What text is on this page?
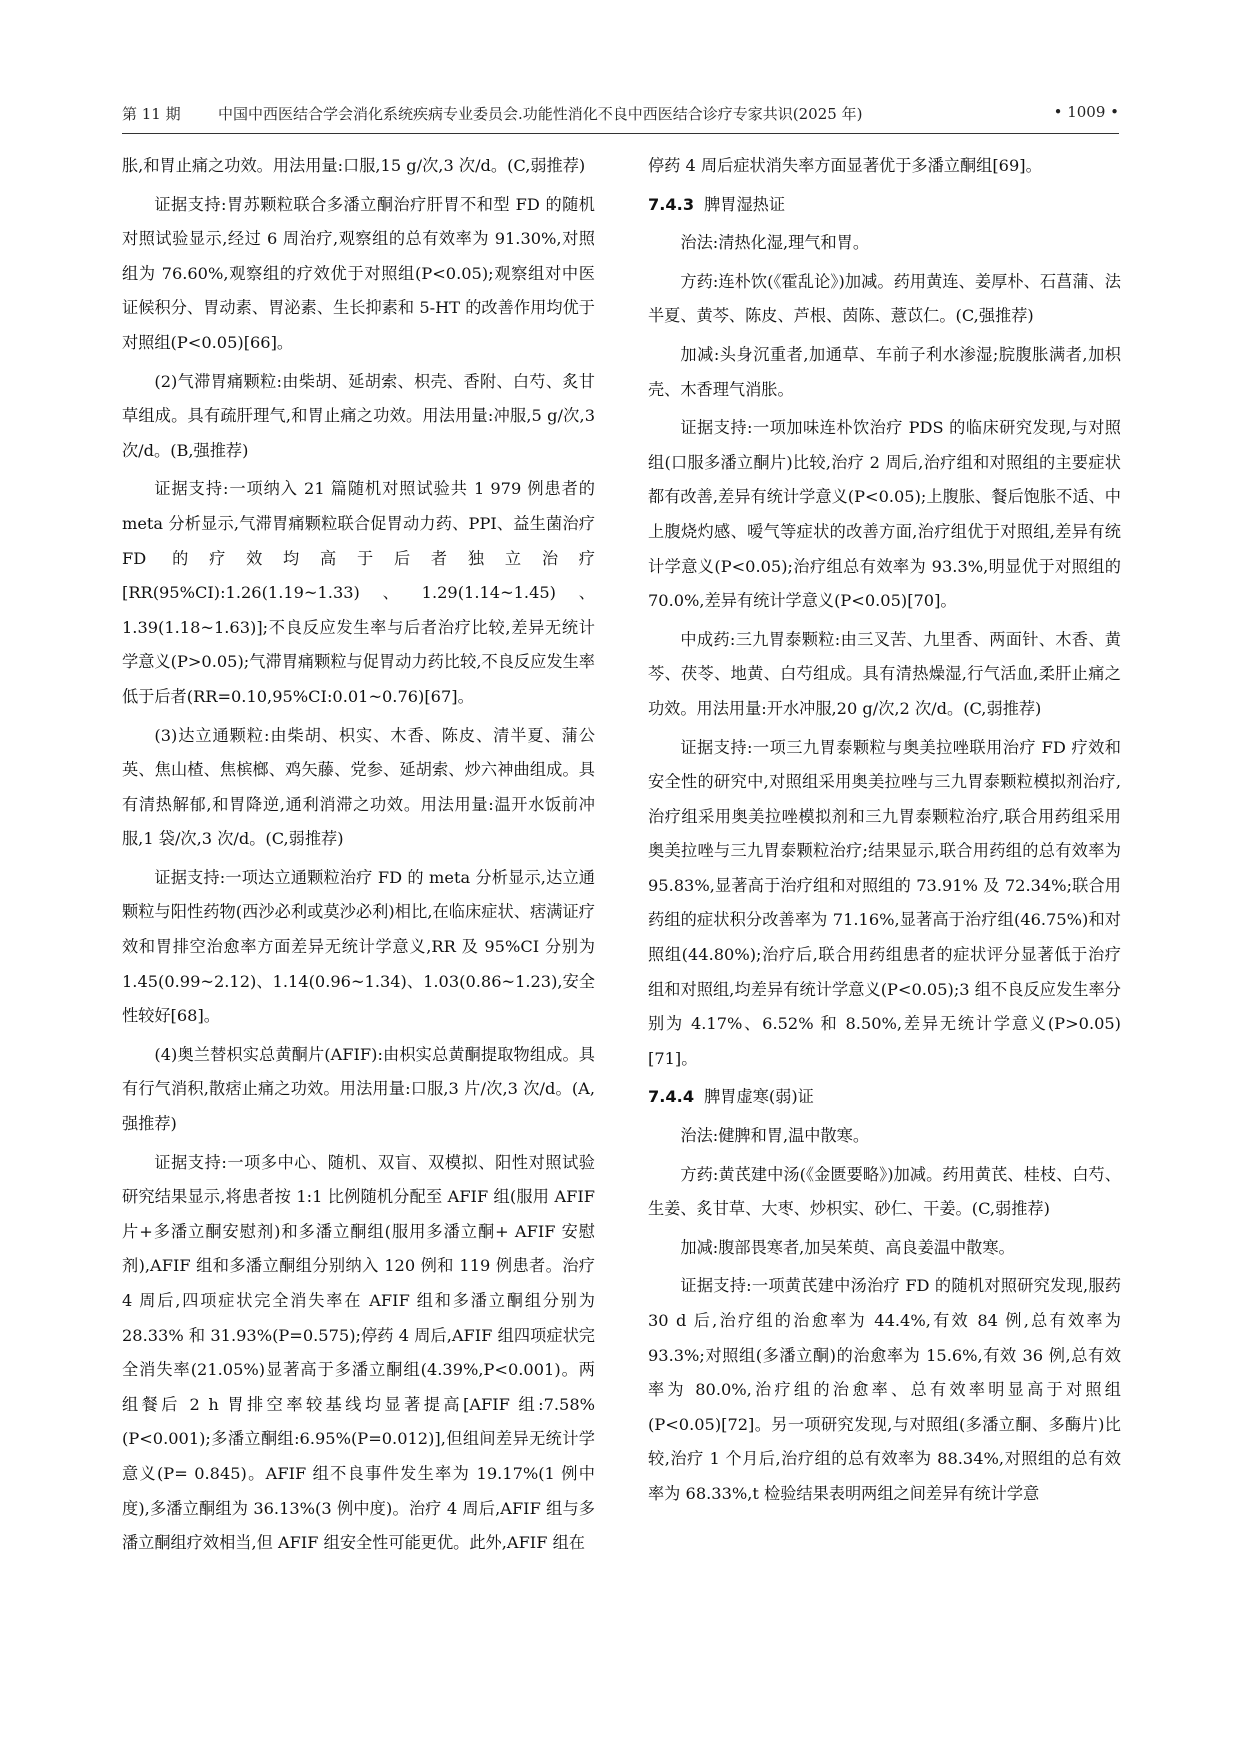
第 11 期 中国中西医结合学会消化系统疾病专业委员会.功能性消化不良中西医结合诊疗专家共识(2025 年)	• 1009 •

胀,和胃止痛之功效。用法用量:口服,15 g/次,3 次/d。(C,弱推荐)

证据支持:胃苏颗粒联合多潘立酮治疗肝胃不和型 FD 的随机对照试验显示,经过 6 周治疗,观察组的总有效率为 91.30%,对照组为 76.60%,观察组的疗效优于对照组(P<0.05);观察组对中医证候积分、胃动素、胃泌素、生长抑素和 5-HT 的改善作用均优于对照组(P<0.05)[66]。

(2)气滞胃痛颗粒:由柴胡、延胡索、枳壳、香附、白芍、炙甘草组成。具有疏肝理气,和胃止痛之功效。用法用量:冲服,5 g/次,3 次/d。(B,强推荐)

证据支持:一项纳入 21 篇随机对照试验共 1 979 例患者的 meta 分析显示,气滞胃痛颗粒联合促胃动力药、PPI、益生菌治疗 FD 的疗效均高于后者独立治疗[RR(95%CI):1.26(1.19~1.33)、1.29(1.14~1.45)、1.39(1.18~1.63)];不良反应发生率与后者治疗比较,差异无统计学意义(P>0.05);气滞胃痛颗粒与促胃动力药比较,不良反应发生率低于后者(RR=0.10,95%CI:0.01~0.76)[67]。

(3)达立通颗粒:由柴胡、枳实、木香、陈皮、清半夏、蒲公英、焦山楂、焦槟榔、鸡矢藤、党参、延胡索、炒六神曲组成。具有清热解郁,和胃降逆,通利消滞之功效。用法用量:温开水饭前冲服,1 袋/次,3 次/d。(C,弱推荐)

证据支持:一项达立通颗粒治疗 FD 的 meta 分析显示,达立通颗粒与阳性药物(西沙必利或莫沙必利)相比,在临床症状、痞满证疗效和胃排空治愈率方面差异无统计学意义,RR 及 95%CI 分别为 1.45(0.99~2.12)、1.14(0.96~1.34)、1.03(0.86~1.23),安全性较好[68]。

(4)奥兰替枳实总黄酮片(AFIF):由枳实总黄酮提取物组成。具有行气消积,散痞止痛之功效。用法用量:口服,3 片/次,3 次/d。(A,强推荐)

证据支持:一项多中心、随机、双盲、双模拟、阳性对照试验研究结果显示,将患者按 1:1 比例随机分配至 AFIF 组(服用 AFIF 片+多潘立酮安慰剂)和多潘立酮组(服用多潘立酮+ AFIF 安慰剂),AFIF 组和多潘立酮组分别纳入 120 例和 119 例患者。治疗 4 周后,四项症状完全消失率在 AFIF 组和多潘立酮组分别为 28.33% 和 31.93%(P=0.575);停药 4 周后,AFIF 组四项症状完全消失率(21.05%)显著高于多潘立酮组(4.39%,P<0.001)。两组餐后 2 h 胃排空率较基线均显著提高[AFIF 组:7.58%(P<0.001);多潘立酮组:6.95%(P=0.012)],但组间差异无统计学意义(P= 0.845)。AFIF 组不良事件发生率为 19.17%(1 例中度),多潘立酮组为 36.13%(3 例中度)。治疗 4 周后,AFIF 组与多潘立酮组疗效相当,但 AFIF 组安全性可能更优。此外,AFIF 组在

停药 4 周后症状消失率方面显著优于多潘立酮组[69]。

7.4.3 脾胃湿热证

治法:清热化湿,理气和胃。

方药:连朴饮(《霍乱论》)加减。药用黄连、姜厚朴、石菖蒲、法半夏、黄芩、陈皮、芦根、茵陈、薏苡仁。(C,强推荐)

加减:头身沉重者,加通草、车前子利水渗湿;脘腹胀满者,加枳壳、木香理气消胀。

证据支持:一项加味连朴饮治疗 PDS 的临床研究发现,与对照组(口服多潘立酮片)比较,治疗 2 周后,治疗组和对照组的主要症状都有改善,差异有统计学意义(P<0.05);上腹胀、餐后饱胀不适、中上腹烧灼感、嗳气等症状的改善方面,治疗组优于对照组,差异有统计学意义(P<0.05);治疗组总有效率为 93.3%,明显优于对照组的 70.0%,差异有统计学意义(P<0.05)[70]。

中成药:三九胃泰颗粒:由三叉苦、九里香、两面针、木香、黄芩、茯苓、地黄、白芍组成。具有清热燥湿,行气活血,柔肝止痛之功效。用法用量:开水冲服,20 g/次,2 次/d。(C,弱推荐)

证据支持:一项三九胃泰颗粒与奥美拉唑联用治疗 FD 疗效和安全性的研究中,对照组采用奥美拉唑与三九胃泰颗粒模拟剂治疗,治疗组采用奥美拉唑模拟剂和三九胃泰颗粒治疗,联合用药组采用奥美拉唑与三九胃泰颗粒治疗;结果显示,联合用药组的总有效率为 95.83%,显著高于治疗组和对照组的 73.91% 及 72.34%;联合用药组的症状积分改善率为 71.16%,显著高于治疗组(46.75%)和对照组(44.80%);治疗后,联合用药组患者的症状评分显著低于治疗组和对照组,均差异有统计学意义(P<0.05);3 组不良反应发生率分别为 4.17%、6.52% 和 8.50%,差异无统计学意义(P>0.05)[71]。

7.4.4 脾胃虚寒(弱)证

治法:健脾和胃,温中散寒。

方药:黄芪建中汤(《金匮要略》)加减。药用黄芪、桂枝、白芍、生姜、炙甘草、大枣、炒枳实、砂仁、干姜。(C,弱推荐)

加减:腹部畏寒者,加吴茱萸、高良姜温中散寒。

证据支持:一项黄芪建中汤治疗 FD 的随机对照研究发现,服药 30 d 后,治疗组的治愈率为 44.4%,有效 84 例,总有效率为 93.3%;对照组(多潘立酮)的治愈率为 15.6%,有效 36 例,总有效率为 80.0%,治疗组的治愈率、总有效率明显高于对照组(P<0.05)[72]。另一项研究发现,与对照组(多潘立酮、多酶片)比较,治疗 1 个月后,治疗组的总有效率为 88.34%,对照组的总有效率为 68.33%,t 检验结果表明两组之间差异有统计学意
